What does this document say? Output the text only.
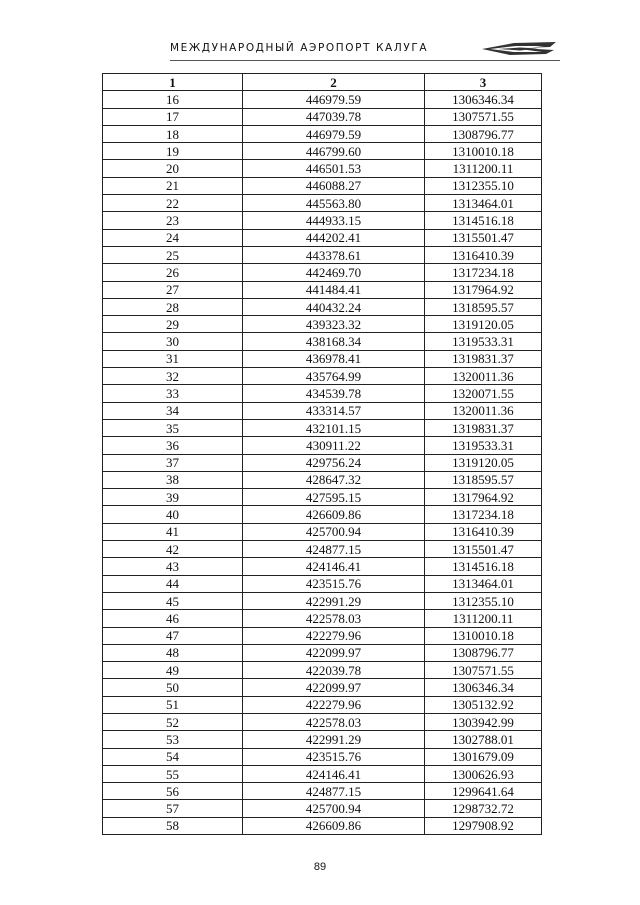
МЕЖДУНАРОДНЫЙ АЭРОПОРТ КАЛУГА
1	2	3
16	446979.59	1306346.34
17	447039.78	1307571.55
18	446979.59	1308796.77
19	446799.60	1310010.18
20	446501.53	1311200.11
21	446088.27	1312355.10
22	445563.80	1313464.01
23	444933.15	1314516.18
24	444202.41	1315501.47
25	443378.61	1316410.39
26	442469.70	1317234.18
27	441484.41	1317964.92
28	440432.24	1318595.57
29	439323.32	1319120.05
30	438168.34	1319533.31
31	436978.41	1319831.37
32	435764.99	1320011.36
33	434539.78	1320071.55
34	433314.57	1320011.36
35	432101.15	1319831.37
36	430911.22	1319533.31
37	429756.24	1319120.05
38	428647.32	1318595.57
39	427595.15	1317964.92
40	426609.86	1317234.18
41	425700.94	1316410.39
42	424877.15	1315501.47
43	424146.41	1314516.18
44	423515.76	1313464.01
45	422991.29	1312355.10
46	422578.03	1311200.11
47	422279.96	1310010.18
48	422099.97	1308796.77
49	422039.78	1307571.55
50	422099.97	1306346.34
51	422279.96	1305132.92
52	422578.03	1303942.99
53	422991.29	1302788.01
54	423515.76	1301679.09
55	424146.41	1300626.93
56	424877.15	1299641.64
57	425700.94	1298732.72
58	426609.86	1297908.92
89
